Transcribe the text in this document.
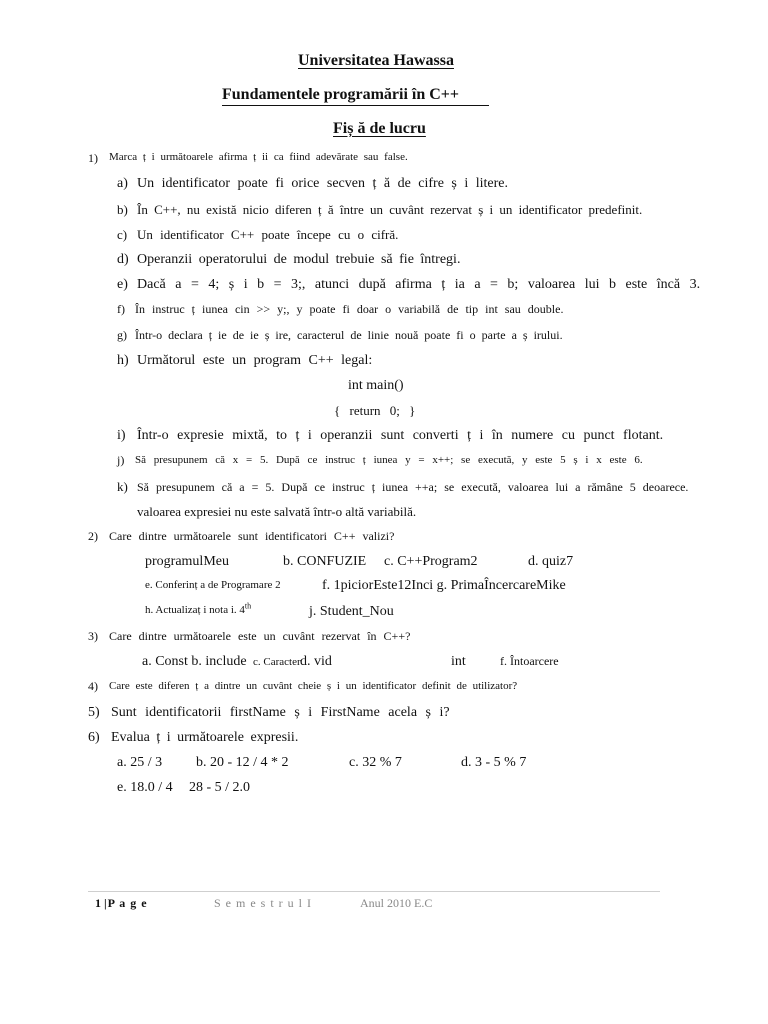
Universitatea Hawassa
Fundamentele programării în C++
Fiș ă de lucru
1) Marca ț i următoarele afirma ț ii ca fiind adevărate sau false.
a) Un identificator poate fi orice secven ț ă de cifre ș i litere.
b) În C++, nu există nicio diferen ț ă între un cuvânt rezervat ș i un identificator predefinit.
c) Un identificator C++ poate începe cu o cifră.
d) Operanzii operatorului de modul trebuie să fie întregi.
e) Dacă a = 4; ș i b = 3;, atunci după afirma ț ia a = b; valoarea lui b este încă 3.
f) În instruc ț iunea cin >> y;, y poate fi doar o variabilă de tip int sau double.
g) Într-o declara ț ie de ie ș ire, caracterul de linie nouă poate fi o parte a ș irului.
h) Următorul este un program C++ legal:
int main()
{ return 0; }
i) Într-o expresie mixtă, to ț i operanzii sunt converti ț i în numere cu punct flotant.
j) Să presupunem că x = 5. După ce instruc ț iunea y = x++; se execută, y este 5 ș i x este 6.
k) Să presupunem că a = 5. După ce instruc ț iunea ++a; se execută, valoarea lui a rămâne 5 deoarece.
valoarea expresiei nu este salvată într-o altă variabilă.
2) Care dintre următoarele sunt identificatori C++ valizi?
programulMeu	b. CONFUZIE c. C++Program2	d. quiz7
e. Conferinț a de Programare 2	f. 1piciorEste12Inci g. PrimaÎncercareMike
h. Actualizaț i nota i. 4th	j. Student_Nou
3) Care dintre următoarele este un cuvânt rezervat în C++?
a. Const b. include c. Caracter d. vid	int	f. Întoarcere
4) Care este diferen ț a dintre un cuvânt cheie ș i un identificator definit de utilizator?
5) Sunt identificatorii firstName ș i FirstName acela ș i?
6) Evalua ț i următoarele expresii.
a. 25 / 3 b. 20 - 12 / 4 * 2	c. 32 % 7	d. 3 - 5 % 7
e. 18.0 / 4 28 - 5 / 2.0
1 |P a g e	S e m e s t r u l I	Anul 2010 E.C
